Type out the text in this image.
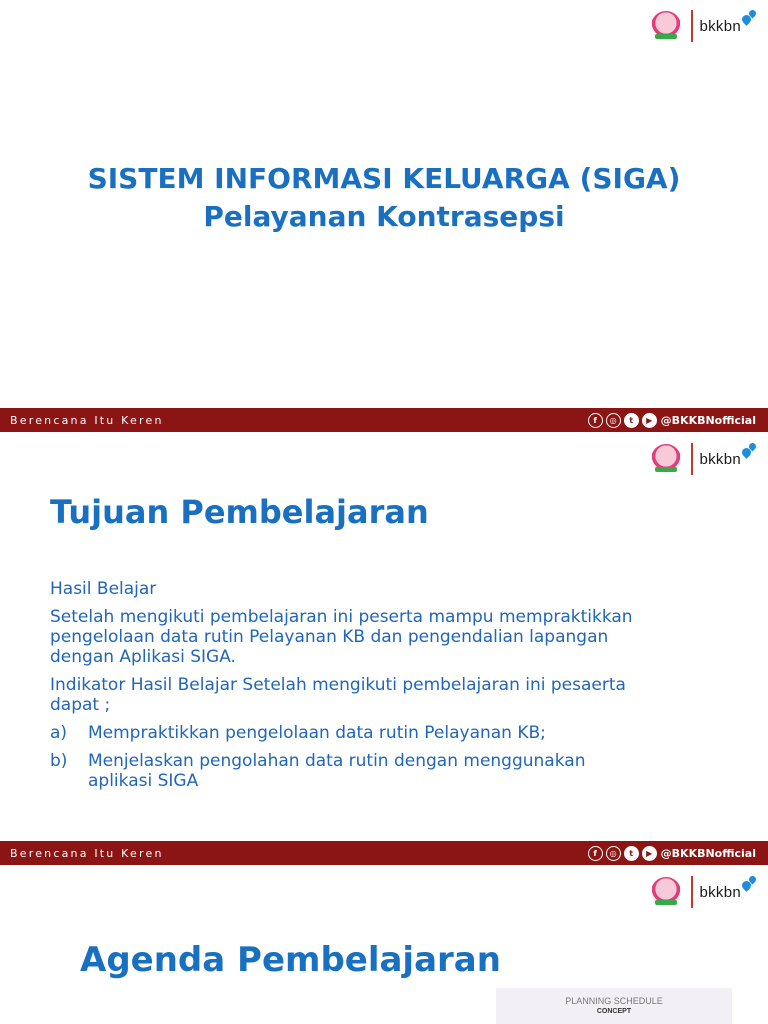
bkkbn
SISTEM INFORMASI KELUARGA (SIGA)
Pelayanan Kontrasepsi
Berencana Itu Keren	f	◎	t	▶ @BKKBNofficial
bkkbn
Tujuan Pembelajaran

Hasil Belajar

Setelah mengikuti pembelajaran ini peserta mampu mempraktikkan pengelolaan data rutin Pelayanan KB dan pengendalian lapangan dengan Aplikasi SIGA.

Indikator Hasil Belajar Setelah mengikuti pembelajaran ini pesaerta dapat ;

a)	Mempraktikkan pengelolaan data rutin Pelayanan KB;
b)	Menjelaskan pengolahan data rutin dengan menggunakan aplikasi SIGA
Berencana Itu Keren	f	◎	t	▶ @BKKBNofficial
bkkbn
Agenda Pembelajaran
PLANNING SCHEDULE
CONCEPT
